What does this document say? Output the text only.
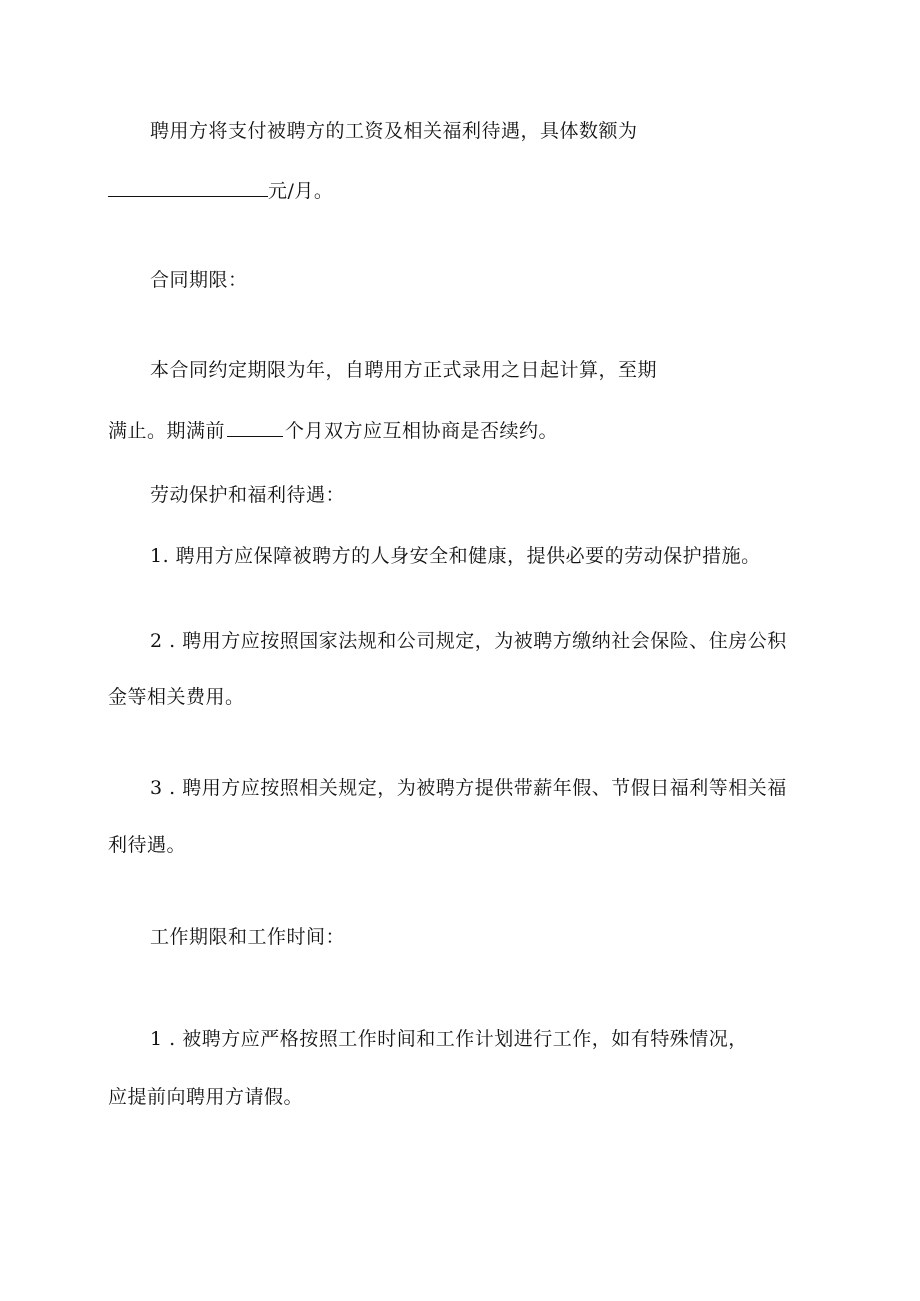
聘用方将支付被聘方的工资及相关福利待遇，具体数额为
元/月。
合同期限：
本合同约定期限为年，自聘用方正式录用之日起计算，至期
满止。期满前	个月双方应互相协商是否续约。
劳动保护和福利待遇：
1. 聘用方应保障被聘方的人身安全和健康，提供必要的劳动保护措施。
2 . 聘用方应按照国家法规和公司规定，为被聘方缴纳社会保险、住房公积
金等相关费用。
3 . 聘用方应按照相关规定，为被聘方提供带薪年假、节假日福利等相关福
利待遇。
工作期限和工作时间：
1 . 被聘方应严格按照工作时间和工作计划进行工作，如有特殊情况，
应提前向聘用方请假。
